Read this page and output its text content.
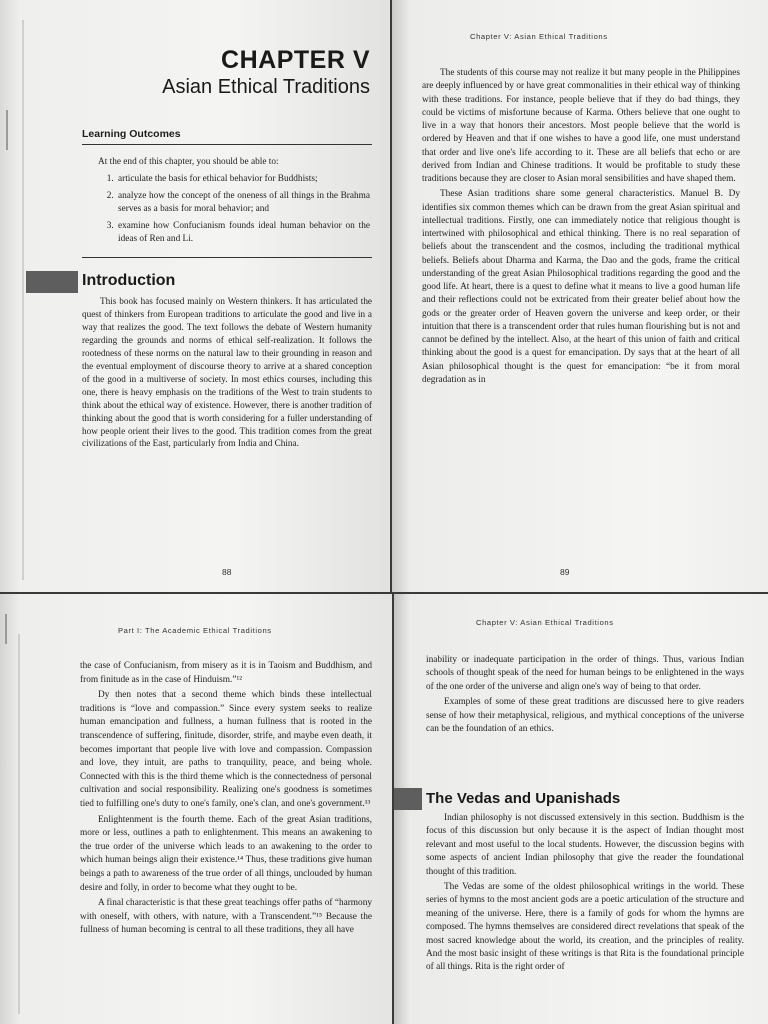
CHAPTER V
Asian Ethical Traditions
Learning Outcomes

At the end of this chapter, you should be able to:

1. articulate the basis for ethical behavior for Buddhists;
2. analyze how the concept of the oneness of all things in the Brahma serves as a basis for moral behavior; and
3. examine how Confucianism founds ideal human behavior on the ideas of Ren and Li.
Introduction

This book has focused mainly on Western thinkers. It has articulated the quest of thinkers from European traditions to articulate the good and live in a way that realizes the good. The text follows the debate of Western humanity regarding the grounds and norms of ethical self-realization. It follows the rootedness of these norms on the natural law to their grounding in reason and the eventual employment of discourse theory to arrive at a shared conception of the good in a multiverse of society. In most ethics courses, including this one, there is heavy emphasis on the traditions of the West to train students to think about the ethical way of existence. However, there is another tradition of thinking about the good that is worth considering for a fuller understanding of how people orient their lives to the good. This tradition comes from the great civilizations of the East, particularly from India and China.

88
Chapter V: Asian Ethical Traditions

The students of this course may not realize it but many people in the Philippines are deeply influenced by or have great commonalities in their ethical way of thinking with these traditions. For instance, people believe that if they do bad things, they could be victims of misfortune because of Karma. Others believe that one ought to live in a way that honors their ancestors. Most people believe that the world is ordered by Heaven and that if one wishes to have a good life, one must understand that order and live one's life according to it. These are all beliefs that echo or are derived from Indian and Chinese traditions. It would be profitable to study these traditions because they are closer to Asian moral sensibilities and have shaped them.

These Asian traditions share some general characteristics. Manuel B. Dy identifies six common themes which can be drawn from the great Asian spiritual and intellectual traditions. Firstly, one can immediately notice that religious thought is intertwined with philosophical and ethical thinking. There is no real separation of beliefs about the transcendent and the cosmos, including the traditional mythical beliefs. Beliefs about Dharma and Karma, the Dao and the gods, frame the critical understanding of the great Asian Philosophical traditions regarding the good and the good life. At heart, there is a quest to define what it means to live a good human life and their reflections could not be extricated from their greater belief about how the gods or the greater order of Heaven govern the universe and keep order, or their intuition that there is a transcendent order that rules human flourishing but is not and cannot be defined by the intellect. Also, at the heart of this union of faith and critical thinking about the good is a quest for emancipation. Dy says that at the heart of all Asian philosophical thought is the quest for emancipation: “be it from moral degradation as in

89
Part I: The Academic Ethical Traditions

the case of Confucianism, from misery as it is in Taoism and Buddhism, and from finitude as in the case of Hinduism.”¹²

Dy then notes that a second theme which binds these intellectual traditions is “love and compassion.” Since every system seeks to realize human emancipation and fullness, a human fullness that is rooted in the transcendence of suffering, finitude, disorder, strife, and maybe even death, it becomes important that people live with love and compassion. Compassion and love, they intuit, are paths to tranquility, peace, and being whole. Connected with this is the third theme which is the connectedness of personal cultivation and social responsibility. Realizing one's goodness is sometimes tied to fulfilling one's duty to one's family, one's clan, and one's government.¹³

Enlightenment is the fourth theme. Each of the great Asian traditions, more or less, outlines a path to enlightenment. This means an awakening to the true order of the universe which leads to an awakening to the order to which human beings align their existence.¹⁴ Thus, these traditions give human beings a path to awareness of the true order of all things, unclouded by human desire and folly, in order to become what they ought to be.

A final characteristic is that these great teachings offer paths of “harmony with oneself, with others, with nature, with a Transcendent.”¹⁵ Because the fullness of human becoming is central to all these traditions, they all have

Chapter V: Asian Ethical Traditions

inability or inadequate participation in the order of things. Thus, various Indian schools of thought speak of the need for human beings to be enlightened in the ways of the one order of the universe and align one's way of being to that order.

Examples of some of these great traditions are discussed here to give readers sense of how their metaphysical, religious, and mythical conceptions of the universe can be the foundation of an ethics.

The Vedas and Upanishads

Indian philosophy is not discussed extensively in this section. Buddhism is the focus of this discussion but only because it is the aspect of Indian thought most relevant and most useful to the local students. However, the discussion begins with some aspects of ancient Indian philosophy that give the reader the foundational thought of this tradition.

The Vedas are some of the oldest philosophical writings in the world. These series of hymns to the most ancient gods are a poetic articulation of the structure and meaning of the universe. Here, there is a family of gods for whom the hymns are composed. The hymns themselves are considered direct revelations that speak of the most sacred knowledge about the world, its creation, and the principles of reality. And the most basic insight of these writings is that Rita is the foundational principle of all things. Rita is the right order of
